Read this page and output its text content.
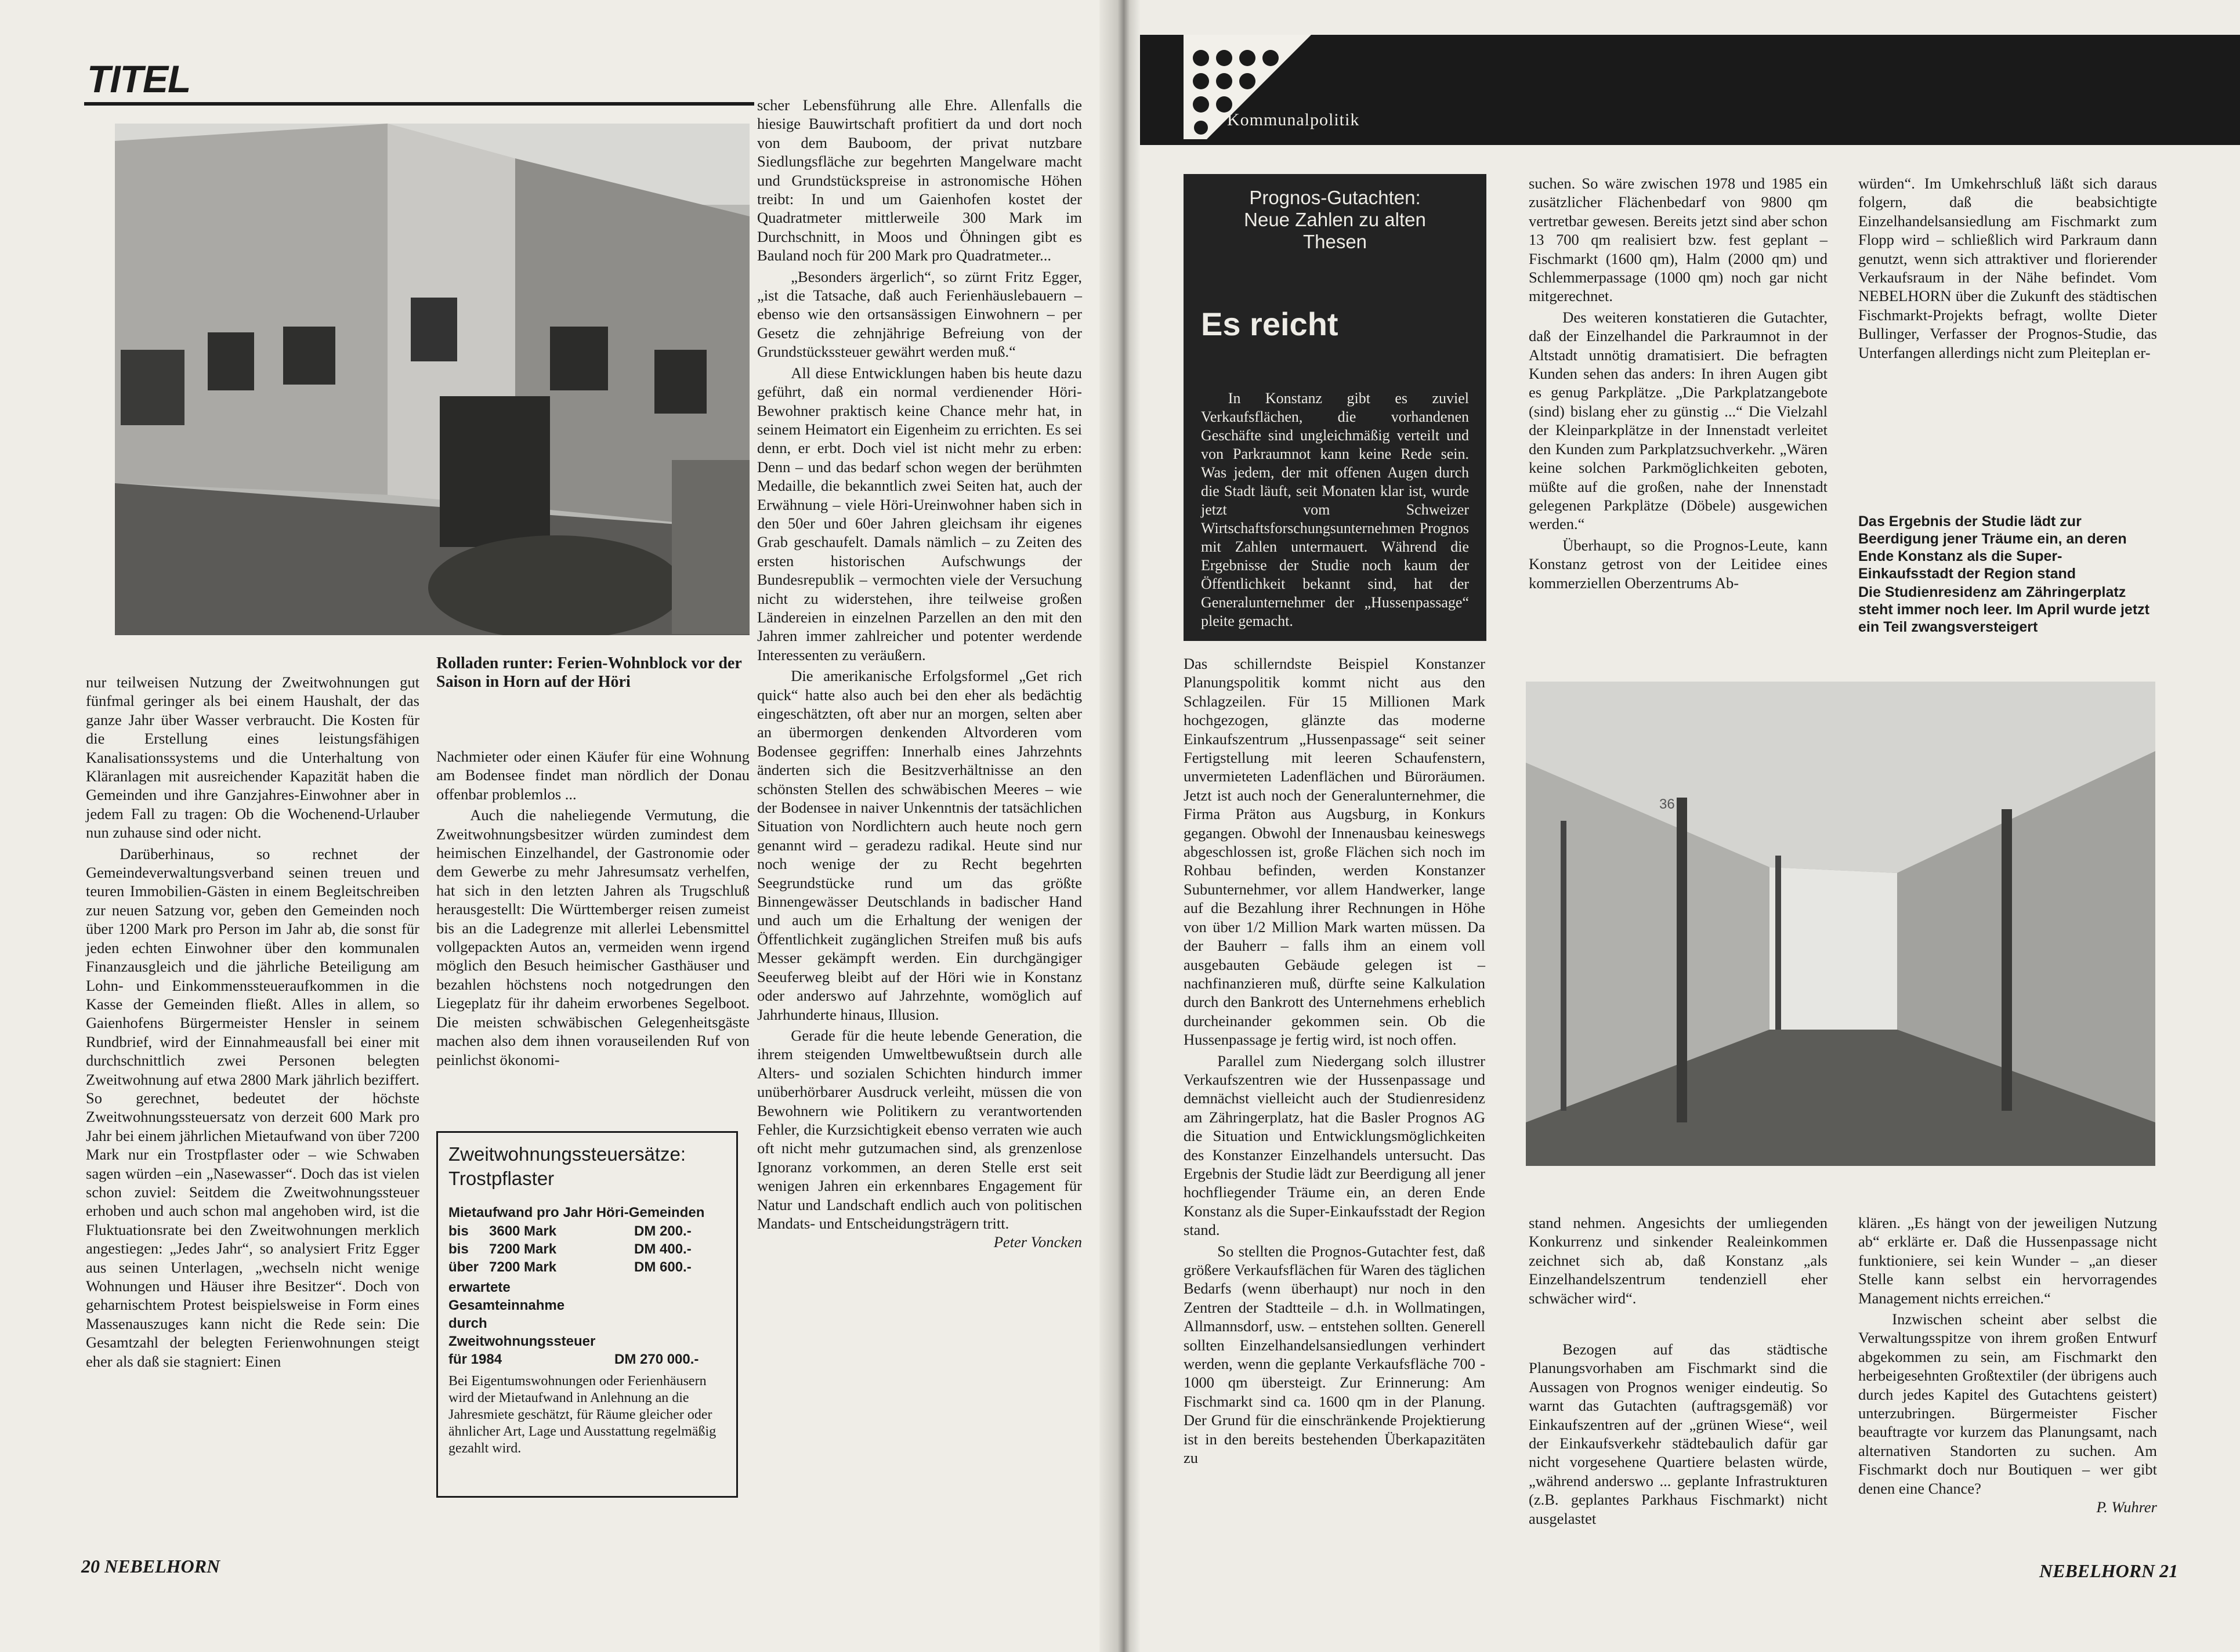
TITEL
Rolladen runter: Ferien-Wohnblock vor der Saison in Horn auf der Höri

nur teilweisen Nutzung der Zweitwohnungen gut fünfmal geringer als bei einem Haushalt, der das ganze Jahr über Wasser verbraucht. Die Kosten für die Erstellung eines leistungsfähigen Kanalisationssystems und die Unterhaltung von Kläranlagen mit ausreichender Kapazität haben die Gemeinden und ihre Ganzjahres-Einwohner aber in jedem Fall zu tragen: Ob die Wochenend-Urlauber nun zuhause sind oder nicht.

Darüberhinaus, so rechnet der Gemeindeverwaltungsverband seinen treuen und teuren Immobilien-Gästen in einem Begleitschreiben zur neuen Satzung vor, geben den Gemeinden noch über 1200 Mark pro Person im Jahr ab, die sonst für jeden echten Einwohner über den kommunalen Finanzausgleich und die jährliche Beteiligung am Lohn- und Einkommenssteueraufkommen in die Kasse der Gemeinden fließt. Alles in allem, so Gaienhofens Bürgermeister Hensler in seinem Rundbrief, wird der Einnahmeausfall bei einer mit durchschnittlich zwei Personen belegten Zweitwohnung auf etwa 2800 Mark jährlich beziffert. So gerechnet, bedeutet der höchste Zweitwohnungssteuersatz von derzeit 600 Mark pro Jahr bei einem jährlichen Mietaufwand von über 7200 Mark nur ein Trostpflaster oder – wie Schwaben sagen würden –ein „Nasewasser“. Doch das ist vielen schon zuviel: Seitdem die Zweitwohnungssteuer erhoben und auch schon mal angehoben wird, ist die Fluktuationsrate bei den Zweitwohnungen merklich angestiegen: „Jedes Jahr“, so analysiert Fritz Egger aus seinen Unterlagen, „wechseln nicht wenige Wohnungen und Häuser ihre Besitzer“. Doch von geharnischtem Protest beispielsweise in Form eines Massenauszuges kann nicht die Rede sein: Die Gesamtzahl der belegten Ferienwohnungen steigt eher als daß sie stagniert: Einen

Nachmieter oder einen Käufer für eine Wohnung am Bodensee findet man nördlich der Donau offenbar problemlos ...

Auch die naheliegende Vermutung, die Zweitwohnungsbesitzer würden zumindest dem heimischen Einzelhandel, der Gastronomie oder dem Gewerbe zu mehr Jahresumsatz verhelfen, hat sich in den letzten Jahren als Trugschluß herausgestellt: Die Württemberger reisen zumeist bis an die Ladegrenze mit allerlei Lebensmittel vollgepackten Autos an, vermeiden wenn irgend möglich den Besuch heimischer Gasthäuser und bezahlen höchstens noch notgedrungen den Liegeplatz für ihr daheim erworbenes Segelboot. Die meisten schwäbischen Gelegenheitsgäste machen also dem ihnen vorauseilenden Ruf von peinlichst ökonomi-

Zweitwohnungssteuersätze:
Trostpflaster
Mietaufwand pro Jahr Höri-Gemeinden
bis	3600 Mark	DM 200.-
bis	7200 Mark	DM 400.-
über 7200 Mark	DM 600.-
erwartete Gesamteinnahme durch Zweitwohnungssteuer für 1984	DM 270 000.-
Bei Eigentumswohnungen oder Ferienhäusern wird der Mietaufwand in Anlehnung an die Jahresmiete geschätzt, für Räume gleicher oder ähnlicher Art, Lage und Ausstattung regelmäßig gezahlt wird.

scher Lebensführung alle Ehre. Allenfalls die hiesige Bauwirtschaft profitiert da und dort noch von dem Bauboom, der privat nutzbare Siedlungsfläche zur begehrten Mangelware macht und Grundstückspreise in astronomische Höhen treibt: In und um Gaienhofen kostet der Quadratmeter mittlerweile 300 Mark im Durchschnitt, in Moos und Öhningen gibt es Bauland noch für 200 Mark pro Quadratmeter...

„Besonders ärgerlich“, so zürnt Fritz Egger, „ist die Tatsache, daß auch Ferienhäuslebauern – ebenso wie den ortsansässigen Einwohnern – per Gesetz die zehnjährige Befreiung von der Grundstückssteuer gewährt werden muß.“

All diese Entwicklungen haben bis heute dazu geführt, daß ein normal verdienender Höri-Bewohner praktisch keine Chance mehr hat, in seinem Heimatort ein Eigenheim zu errichten. Es sei denn, er erbt. Doch viel ist nicht mehr zu erben: Denn – und das bedarf schon wegen der berühmten Medaille, die bekanntlich zwei Seiten hat, auch der Erwähnung – viele Höri-Ureinwohner haben sich in den 50er und 60er Jahren gleichsam ihr eigenes Grab geschaufelt. Damals nämlich – zu Zeiten des ersten historischen Aufschwungs der Bundesrepublik – vermochten viele der Versuchung nicht zu widerstehen, ihre teilweise großen Ländereien in einzelnen Parzellen an den mit den Jahren immer zahlreicher und potenter werdende Interessenten zu veräußern.

Die amerikanische Erfolgsformel „Get rich quick“ hatte also auch bei den eher als bedächtig eingeschätzten, oft aber nur an morgen, selten aber an übermorgen denkenden Altvorderen vom Bodensee gegriffen: Innerhalb eines Jahrzehnts änderten sich die Besitzverhältnisse an den schönsten Stellen des schwäbischen Meeres – wie der Bodensee in naiver Unkenntnis der tatsächlichen Situation von Nordlichtern auch heute noch gern genannt wird – geradezu radikal. Heute sind nur noch wenige der zu Recht begehrten Seegrundstücke rund um das größte Binnengewässer Deutschlands in badischer Hand und auch um die Erhaltung der wenigen der Öffentlichkeit zugänglichen Streifen muß bis aufs Messer gekämpft werden. Ein durchgängiger Seeuferweg bleibt auf der Höri wie in Konstanz oder anderswo auf Jahrzehnte, womöglich auf Jahrhunderte hinaus, Illusion.

Gerade für die heute lebende Generation, die ihrem steigenden Umweltbewußtsein durch alle Alters- und sozialen Schichten hindurch immer unüberhörbarer Ausdruck verleiht, müssen die von Bewohnern wie Politikern zu verantwortenden Fehler, die Kurzsichtigkeit ebenso verraten wie auch oft nicht mehr gutzumachen sind, als grenzenlose Ignoranz vorkommen, an deren Stelle erst seit wenigen Jahren ein erkennbares Engagement für Natur und Landschaft endlich auch von politischen Mandats- und Entscheidungsträgern tritt.

Peter Voncken
20 NEBELHORN
Kommunalpolitik
Prognos-Gutachten: Neue Zahlen zu alten Thesen
Es reicht
In Konstanz gibt es zuviel Verkaufsflächen, die vorhandenen Geschäfte sind ungleichmäßig verteilt und von Parkraumnot kann keine Rede sein. Was jedem, der mit offenen Augen durch die Stadt läuft, seit Monaten klar ist, wurde jetzt vom Schweizer Wirtschaftsforschungsunternehmen Prognos mit Zahlen untermauert. Während die Ergebnisse der Studie noch kaum der Öffentlichkeit bekannt sind, hat der Generalunternehmer der „Hussenpassage“ pleite gemacht.

Das schillerndste Beispiel Konstanzer Planungspolitik kommt nicht aus den Schlagzeilen. Für 15 Millionen Mark hochgezogen, glänzte das moderne Einkaufszentrum „Hussenpassage“ seit seiner Fertigstellung mit leeren Schaufenstern, unvermieteten Ladenflächen und Büroräumen. Jetzt ist auch noch der Generalunternehmer, die Firma Präton aus Augsburg, in Konkurs gegangen. Obwohl der Innenausbau keineswegs abgeschlossen ist, große Flächen sich noch im Rohbau befinden, werden Konstanzer Subunternehmer, vor allem Handwerker, lange auf die Bezahlung ihrer Rechnungen in Höhe von über 1/2 Million Mark warten müssen. Da der Bauherr – falls ihm an einem voll ausgebauten Gebäude gelegen ist – nachfinanzieren muß, dürfte seine Kalkulation durch den Bankrott des Unternehmens erheblich durcheinander gekommen sein. Ob die Hussenpassage je fertig wird, ist noch offen.

Parallel zum Niedergang solch illustrer Verkaufszentren wie der Hussenpassage und demnächst vielleicht auch der Studienresidenz am Zähringerplatz, hat die Basler Prognos AG die Situation und Entwicklungsmöglichkeiten des Konstanzer Einzelhandels untersucht. Das Ergebnis der Studie lädt zur Beerdigung all jener hochfliegender Träume ein, an deren Ende Konstanz als die Super-Einkaufsstadt der Region stand.

So stellten die Prognos-Gutachter fest, daß größere Verkaufsflächen für Waren des täglichen Bedarfs (wenn überhaupt) nur noch in den Zentren der Stadtteile – d.h. in Wollmatingen, Allmannsdorf, usw. – entstehen sollten. Generell sollten Einzelhandelsansiedlungen verhindert werden, wenn die geplante Verkaufsfläche 700 - 1000 qm übersteigt. Zur Erinnerung: Am Fischmarkt sind ca. 1600 qm in der Planung. Der Grund für die einschränkende Projektierung ist in den bereits bestehenden Überkapazitäten zu

suchen. So wäre zwischen 1978 und 1985 ein zusätzlicher Flächenbedarf von 9800 qm vertretbar gewesen. Bereits jetzt sind aber schon 13 700 qm realisiert bzw. fest geplant – Fischmarkt (1600 qm), Halm (2000 qm) und Schlemmerpassage (1000 qm) noch gar nicht mitgerechnet.

Des weiteren konstatieren die Gutachter, daß der Einzelhandel die Parkraumnot in der Altstadt unnötig dramatisiert. Die befragten Kunden sehen das anders: In ihren Augen gibt es genug Parkplätze. „Die Parkplatzangebote (sind) bislang eher zu günstig ...“ Die Vielzahl der Kleinparkplätze in der Innenstadt verleitet den Kunden zum Parkplatzsuchverkehr. „Wären keine solchen Parkmöglichkeiten geboten, müßte auf die großen, nahe der Innenstadt gelegenen Parkplätze (Döbele) ausgewichen werden.“

Überhaupt, so die Prognos-Leute, kann Konstanz getrost von der Leitidee eines kommerziellen Oberzentrums Ab-

würden“. Im Umkehrschluß läßt sich daraus folgern, daß die beabsichtigte Einzelhandelsansiedlung am Fischmarkt zum Flopp wird – schließlich wird Parkraum dann genutzt, wenn sich attraktiver und florierender Verkaufsraum in der Nähe befindet. Vom NEBELHORN über die Zukunft des städtischen Fischmarkt-Projekts befragt, wollte Dieter Bullinger, Verfasser der Prognos-Studie, das Unterfangen allerdings nicht zum Pleiteplan er-

Das Ergebnis der Studie lädt zur Beerdigung jener Träume ein, an deren Ende Konstanz als die Super-Einkaufsstadt der Region stand
Die Studienresidenz am Zähringerplatz steht immer noch leer. Im April wurde jetzt ein Teil zwangsversteigert
36

stand nehmen. Angesichts der umliegenden Konkurrenz und sinkender Realeinkommen zeichnet sich ab, daß Konstanz „als Einzelhandelszentrum tendenziell eher schwächer wird“.

Bezogen auf das städtische Planungsvorhaben am Fischmarkt sind die Aussagen von Prognos weniger eindeutig. So warnt das Gutachten (auftragsgemäß) vor Einkaufszentren auf der „grünen Wiese“, weil der Einkaufsverkehr städtebaulich dafür gar nicht vorgesehene Quartiere belasten würde, „während anderswo ... geplante Infrastrukturen (z.B. geplantes Parkhaus Fischmarkt) nicht ausgelastet

klären. „Es hängt von der jeweiligen Nutzung ab“ erklärte er. Daß die Hussenpassage nicht funktioniere, sei kein Wunder – „an dieser Stelle kann selbst ein hervorragendes Management nichts erreichen.“

Inzwischen scheint aber selbst die Verwaltungsspitze von ihrem großen Entwurf abgekommen zu sein, am Fischmarkt den herbeigesehnten Großtextiler (der übrigens auch durch jedes Kapitel des Gutachtens geistert) unterzubringen. Bürgermeister Fischer beauftragte vor kurzem das Planungsamt, nach alternativen Standorten zu suchen. Am Fischmarkt doch nur Boutiquen – wer gibt denen eine Chance?

P. Wuhrer
NEBELHORN 21
